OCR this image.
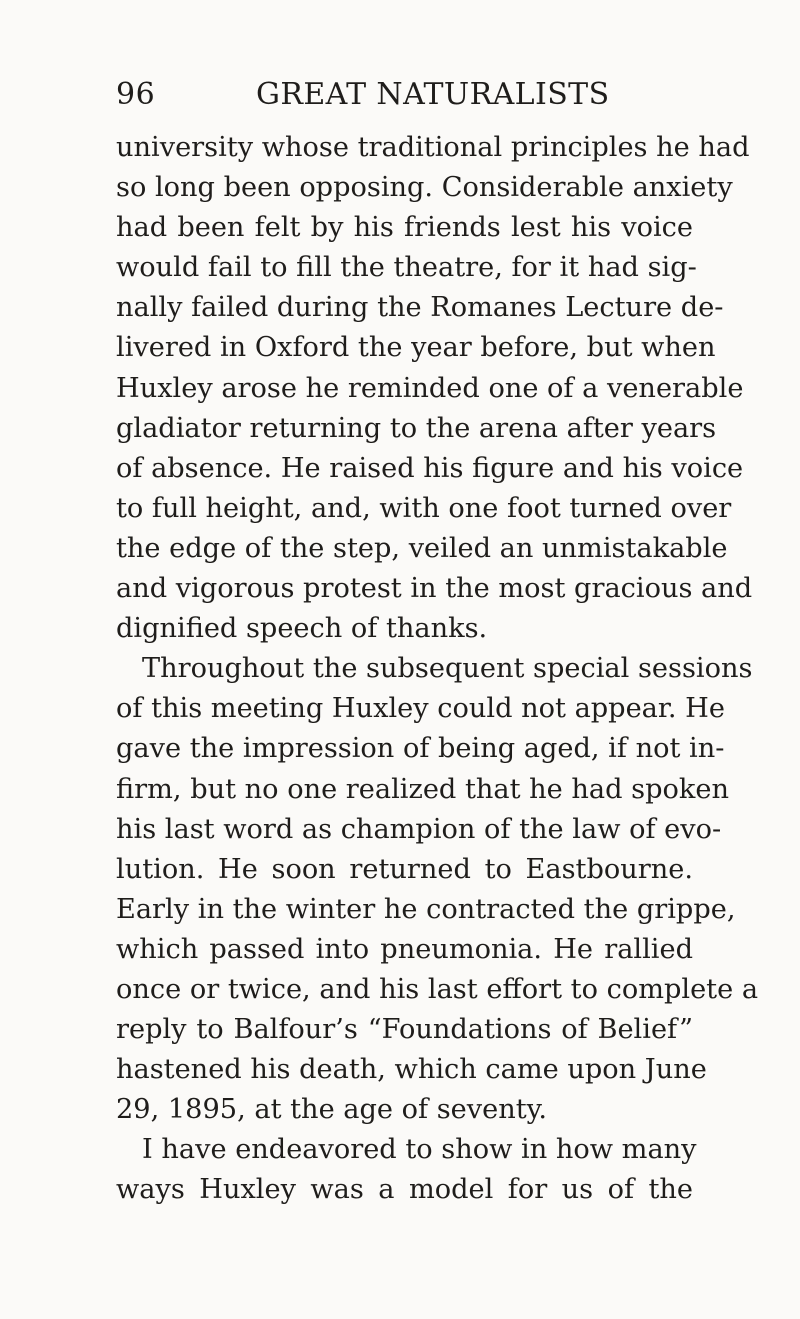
96	GREAT NATURALISTS
university whose traditional principles he had
so long been opposing. Considerable anxiety
had been felt by his friends lest his voice
would fail to fill the theatre, for it had sig-
nally failed during the Romanes Lecture de-
livered in Oxford the year before, but when
Huxley arose he reminded one of a venerable
gladiator returning to the arena after years
of absence. He raised his figure and his voice
to full height, and, with one foot turned over
the edge of the step, veiled an unmistakable
and vigorous protest in the most gracious and
dignified speech of thanks.
Throughout the subsequent special sessions
of this meeting Huxley could not appear. He
gave the impression of being aged, if not in-
firm, but no one realized that he had spoken
his last word as champion of the law of evo-
lution. He soon returned to Eastbourne.
Early in the winter he contracted the grippe,
which passed into pneumonia. He rallied
once or twice, and his last effort to complete a
reply to Balfour’s “Foundations of Belief”
hastened his death, which came upon June
29, 1895, at the age of seventy.
I have endeavored to show in how many
ways Huxley was a model for us of the
